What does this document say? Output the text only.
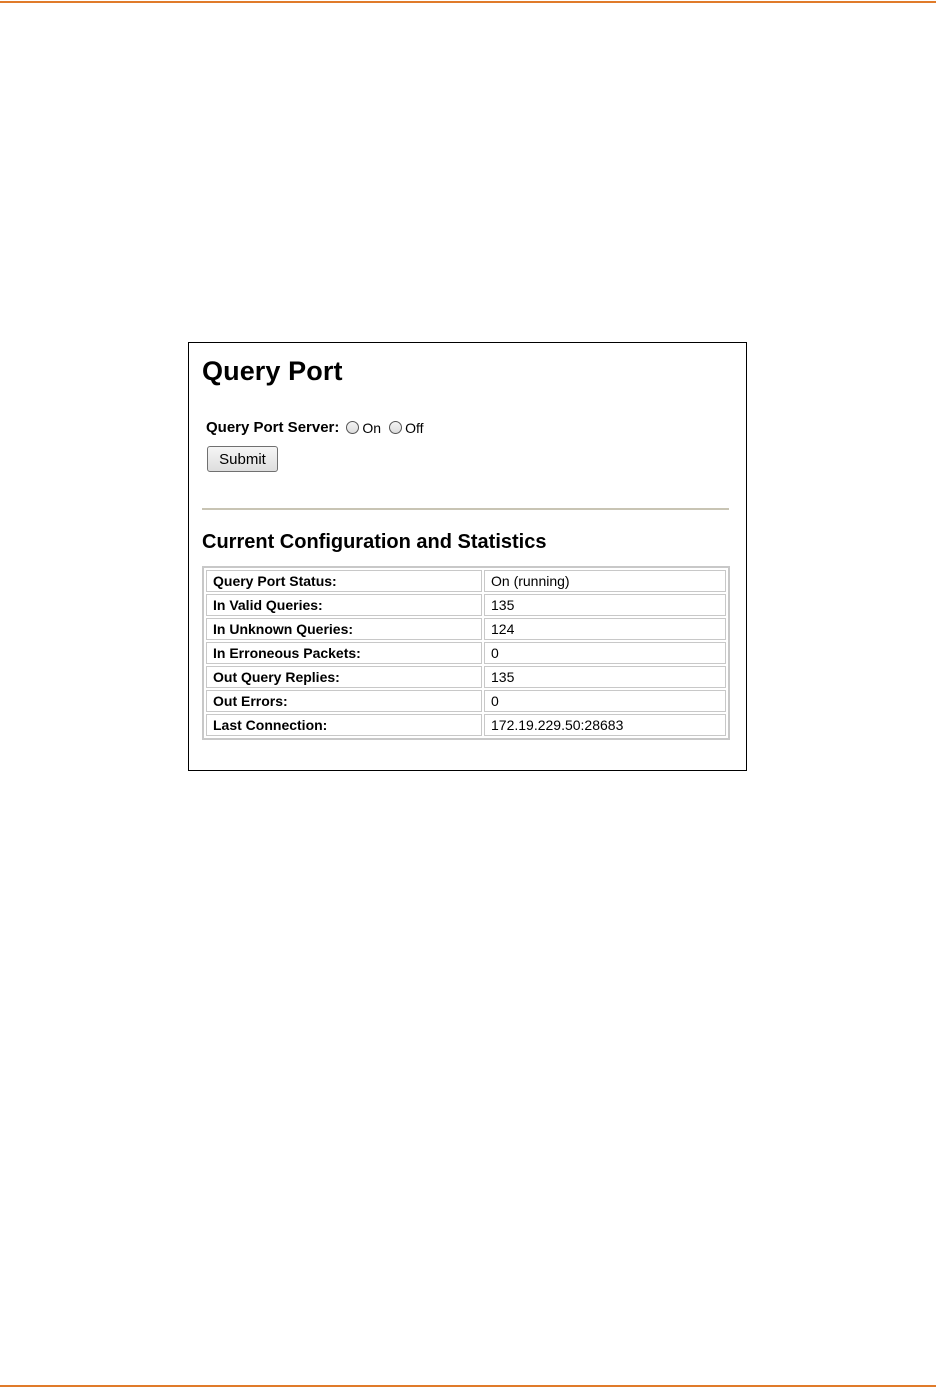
Query Port
Query Port Server: On Off
Submit
Current Configuration and Statistics
Query Port Status:	On (running)
In Valid Queries:	135
In Unknown Queries:	124
In Erroneous Packets:	0
Out Query Replies:	135
Out Errors:	0
Last Connection:	172.19.229.50:28683
